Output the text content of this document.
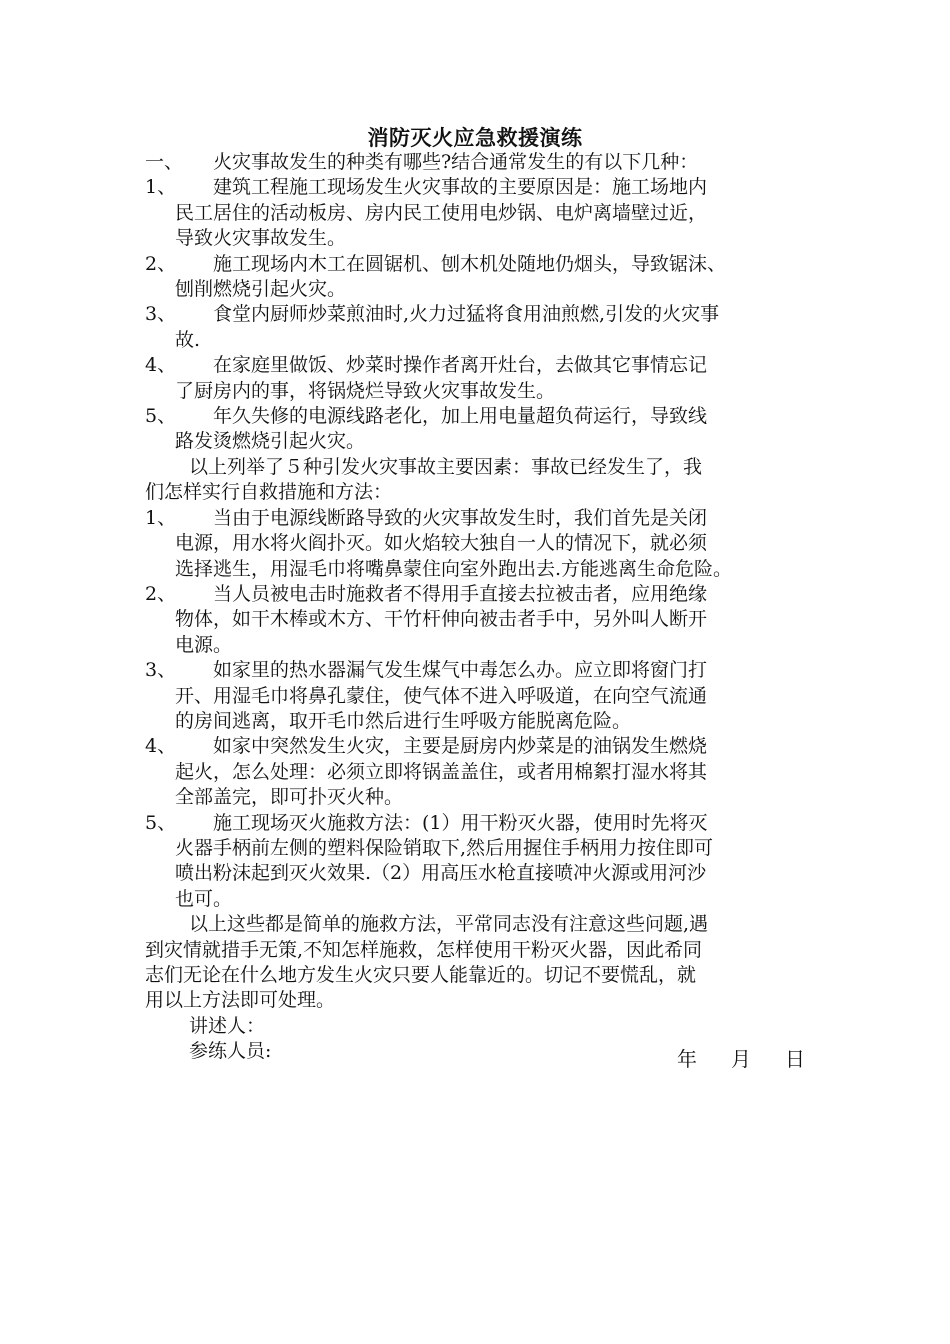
消防灭火应急救援演练
一、 火灾事故发生的种类有哪些?结合通常发生的有以下几种：
1、	建筑工程施工现场发生火灾事故的主要原因是：施工场地内
民工居住的活动板房、房内民工使用电炒锅、电炉离墙壁过近，
导致火灾事故发生。
2、	施工现场内木工在圆锯机、刨木机处随地仍烟头，导致锯沫、
刨削燃烧引起火灾。
3、	食堂内厨师炒菜煎油时,火力过猛将食用油煎燃,引发的火灾事
故.
4、	在家庭里做饭、炒菜时操作者离开灶台，去做其它事情忘记
了厨房内的事，将锅烧烂导致火灾事故发生。
5、	年久失修的电源线路老化，加上用电量超负荷运行，导致线
路发烫燃烧引起火灾。
以上列举了５种引发火灾事故主要因素：事故已经发生了，我
们怎样实行自救措施和方法：
1、	当由于电源线断路导致的火灾事故发生时，我们首先是关闭
电源，用水将火阎扑灭。如火焰较大独自一人的情况下，就必须
选择逃生，用湿毛巾将嘴鼻蒙住向室外跑出去.方能逃离生命危险。
2、	当人员被电击时施救者不得用手直接去拉被击者，应用绝缘
物体，如干木棒或木方、干竹杆伸向被击者手中，另外叫人断开
电源。
3、	如家里的热水器漏气发生煤气中毒怎么办。应立即将窗门打
开、用湿毛巾将鼻孔蒙住，使气体不进入呼吸道，在向空气流通
的房间逃离，取开毛巾然后进行生呼吸方能脱离危险。
4、	如家中突然发生火灾，主要是厨房内炒菜是的油锅发生燃烧
起火，怎么处理：必须立即将锅盖盖住，或者用棉絮打湿水将其
全部盖完，即可扑灭火种。
5、	施工现场灭火施救方法：(1）用干粉灭火器，使用时先将灭
火器手柄前左侧的塑料保险销取下,然后用握住手柄用力按住即可
喷出粉沫起到灭火效果.（2）用高压水枪直接喷冲火源或用河沙
也可。
以上这些都是简单的施救方法，平常同志没有注意这些问题,遇
到灾情就措手无策,不知怎样施救，怎样使用干粉灭火器，因此希同
志们无论在什么地方发生火灾只要人能靠近的。切记不要慌乱，就
用以上方法即可处理。
讲述人：
参练人员:	年 月 日
